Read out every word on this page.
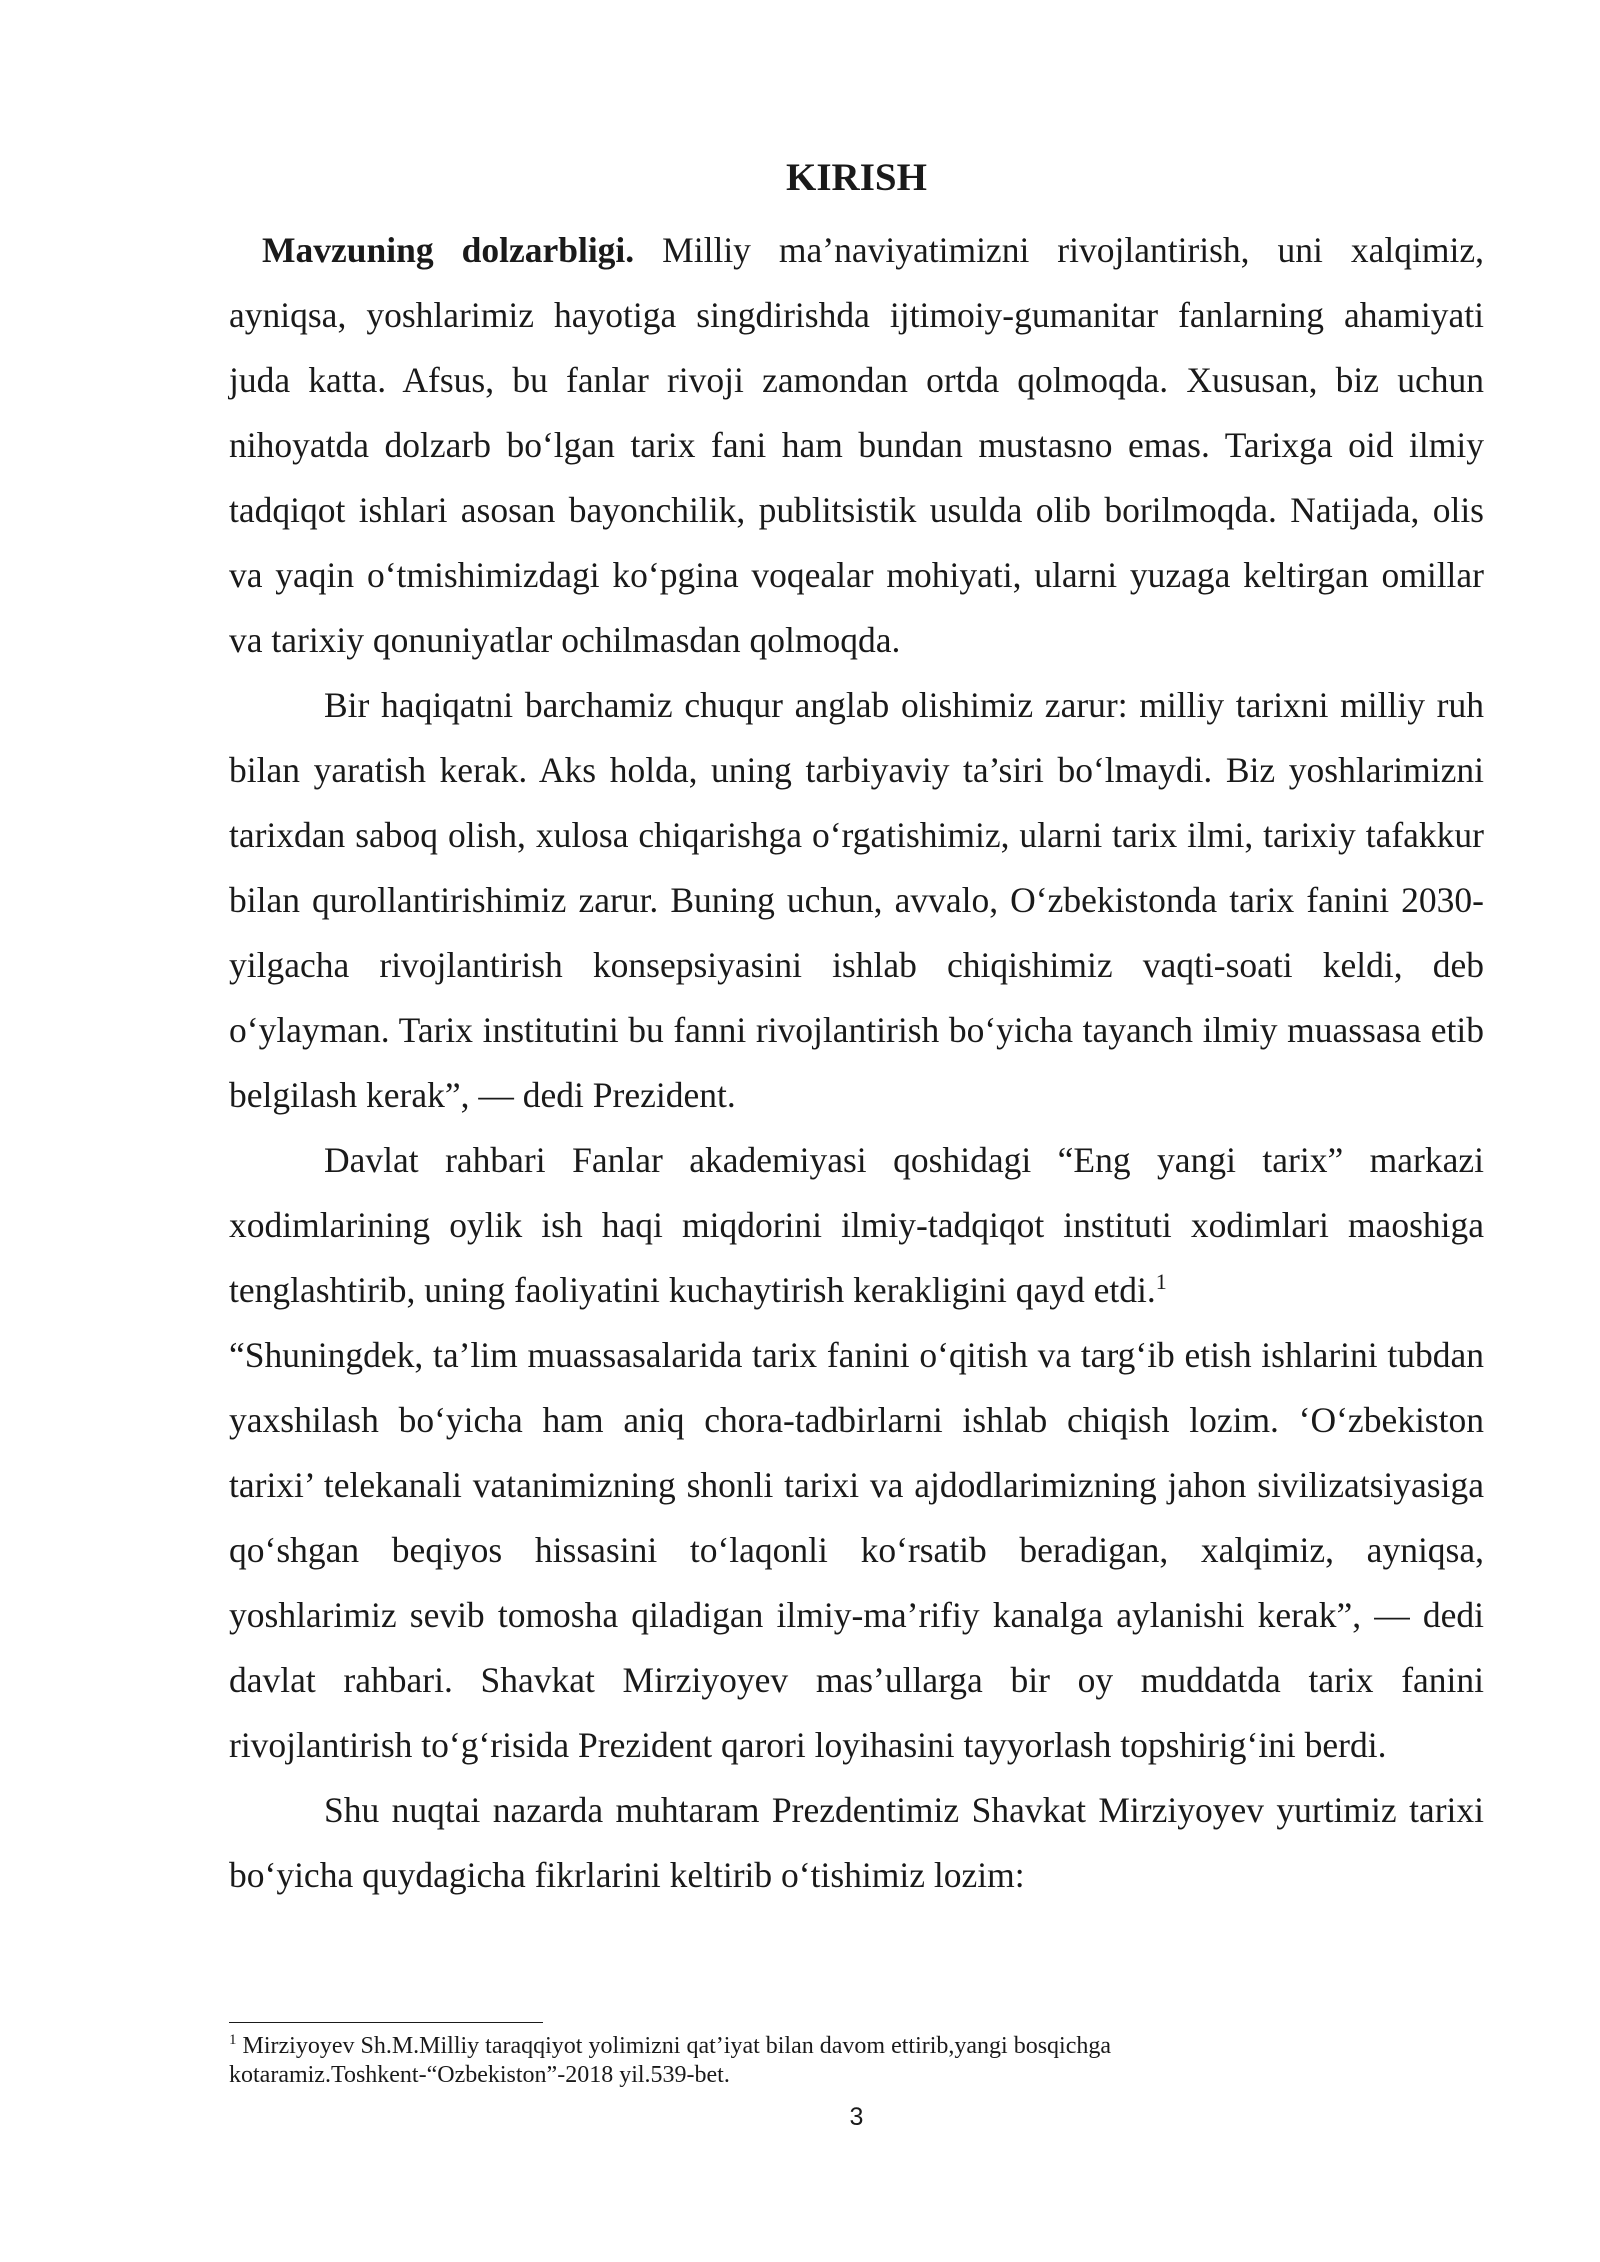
KIRISH

Mavzuning dolzarbligi. Milliy ma’naviyatimizni rivojlantirish, uni xalqimiz, ayniqsa, yoshlarimiz hayotiga singdirishda ijtimoiy-gumanitar fanlarning ahamiyati juda katta. Afsus, bu fanlar rivoji zamondan ortda qolmoqda. Xususan, biz uchun nihoyatda dolzarb bo‘lgan tarix fani ham bundan mustasno emas. Tarixga oid ilmiy tadqiqot ishlari asosan bayonchilik, publitsistik usulda olib borilmoqda. Natijada, olis va yaqin o‘tmishimizdagi ko‘pgina voqealar mohiyati, ularni yuzaga keltirgan omillar va tarixiy qonuniyatlar ochilmasdan qolmoqda.

Bir haqiqatni barchamiz chuqur anglab olishimiz zarur: milliy tarixni milliy ruh bilan yaratish kerak. Aks holda, uning tarbiyaviy ta’siri bo‘lmaydi. Biz yoshlarimizni tarixdan saboq olish, xulosa chiqarishga o‘rgatishimiz, ularni tarix ilmi, tarixiy tafakkur bilan qurollantirishimiz zarur. Buning uchun, avvalo, O‘zbekistonda tarix fanini 2030-yilgacha rivojlantirish konsepsiyasini ishlab chiqishimiz vaqti-soati keldi, deb o‘ylayman. Tarix institutini bu fanni rivojlantirish bo‘yicha tayanch ilmiy muassasa etib belgilash kerak”, — dedi Prezident.

Davlat rahbari Fanlar akademiyasi qoshidagi “Eng yangi tarix” markazi xodimlarining oylik ish haqi miqdorini ilmiy-tadqiqot instituti xodimlari maoshiga tenglashtirib, uning faoliyatini kuchaytirish kerakligini qayd etdi.$^1$

“Shuningdek, ta’lim muassasalarida tarix fanini o‘qitish va targ‘ib etish ishlarini tubdan yaxshilash bo‘yicha ham aniq chora-tadbirlarni ishlab chiqish lozim. ‘O‘zbekiston tarixi’ telekanali vatanimizning shonli tarixi va ajdodlarimizning jahon sivilizatsiyasiga qo‘shgan beqiyos hissasini to‘laqonli ko‘rsatib beradigan, xalqimiz, ayniqsa, yoshlarimiz sevib tomosha qiladigan ilmiy-ma’rifiy kanalga aylanishi kerak”, — dedi davlat rahbari. Shavkat Mirziyoyev mas’ullarga bir oy muddatda tarix fanini rivojlantirish to‘g‘risida Prezident qarori loyihasini tayyorlash topshirig‘ini berdi.

Shu nuqtai nazarda muhtaram Prezdentimiz Shavkat Mirziyoyev yurtimiz tarixi bo‘yicha quydagicha fikrlarini keltirib o‘tishimiz lozim:

$^1$ Mirziyoyev Sh.M.Milliy taraqqiyot yolimizni qat’iyat bilan davom ettirib,yangi bosqichga kotaramiz.Toshkent-“Ozbekiston”-2018 yil.539-bet.

3
